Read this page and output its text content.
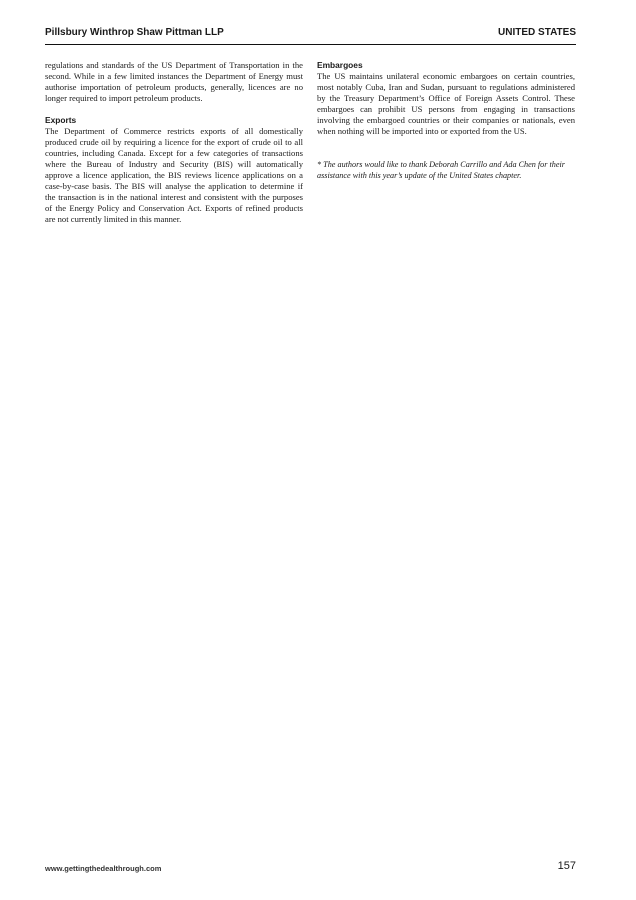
Pillsbury Winthrop Shaw Pittman LLP	UNITED STATES

regulations and standards of the US Department of Transportation in the second. While in a few limited instances the Department of Energy must authorise importation of petroleum products, generally, licences are no longer required to import petroleum products.

Exports

The Department of Commerce restricts exports of all domestically produced crude oil by requiring a licence for the export of crude oil to all countries, including Canada. Except for a few categories of transactions where the Bureau of Industry and Security (BIS) will automatically approve a licence application, the BIS reviews licence applications on a case-by-case basis. The BIS will analyse the application to determine if the transaction is in the national interest and consistent with the purposes of the Energy Policy and Conservation Act. Exports of refined products are not currently limited in this manner.

Embargoes

The US maintains unilateral economic embargoes on certain countries, most notably Cuba, Iran and Sudan, pursuant to regulations administered by the Treasury Department’s Office of Foreign Assets Control. These embargoes can prohibit US persons from engaging in transactions involving the embargoed countries or their companies or nationals, even when nothing will be imported into or exported from the US.

* The authors would like to thank Deborah Carrillo and Ada Chen for their assistance with this year’s update of the United States chapter.

www.gettingthedealthrough.com	157
